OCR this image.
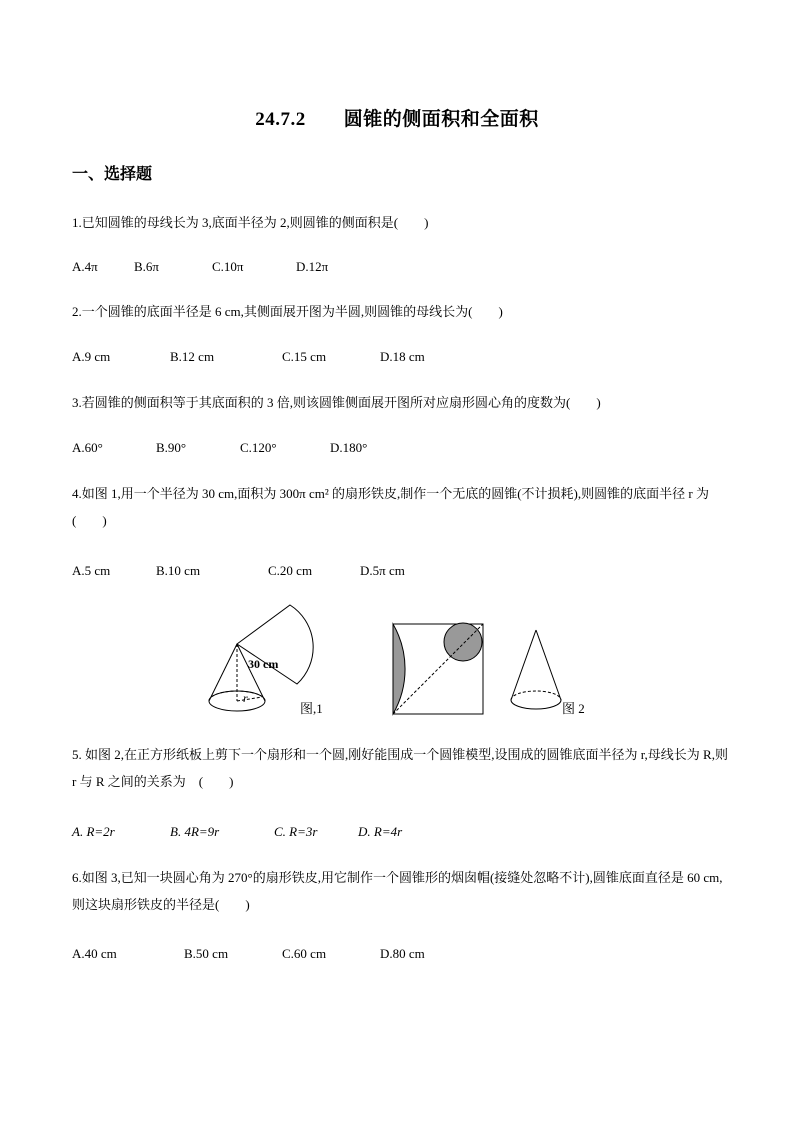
24.7.2 圆锥的侧面积和全面积
一、选择题
1.已知圆锥的母线长为 3,底面半径为 2,则圆锥的侧面积是(　　)
A.4π	B.6π	C.10π	D.12π
2.一个圆锥的底面半径是 6 cm,其侧面展开图为半圆,则圆锥的母线长为(　　)
A.9 cm	B.12 cm	C.15 cm	D.18 cm
3.若圆锥的侧面积等于其底面积的 3 倍,则该圆锥侧面展开图所对应扇形圆心角的度数为(　　)
A.60°	B.90°	C.120°	D.180°
4.如图 1,用一个半径为 30 cm,面积为 300π cm² 的扇形铁皮,制作一个无底的圆锥(不计损耗),则圆锥的底面半径 r 为(　　)
A.5 cm	B.10 cm	C.20 cm	D.5π cm
30 cm
r
图,1	图 2
5. 如图 2,在正方形纸板上剪下一个扇形和一个圆,刚好能围成一个圆锥模型,设围成的圆锥底面半径为 r,母线长为 R,则 r 与 R 之间的关系为　(　　)
A. R=2r	B. 4R=9r	C. R=3r	D. R=4r
6.如图 3,已知一块圆心角为 270°的扇形铁皮,用它制作一个圆锥形的烟囱帽(接缝处忽略不计),圆锥底面直径是 60 cm,则这块扇形铁皮的半径是(　　)
A.40 cm	B.50 cm	C.60 cm	D.80 cm
